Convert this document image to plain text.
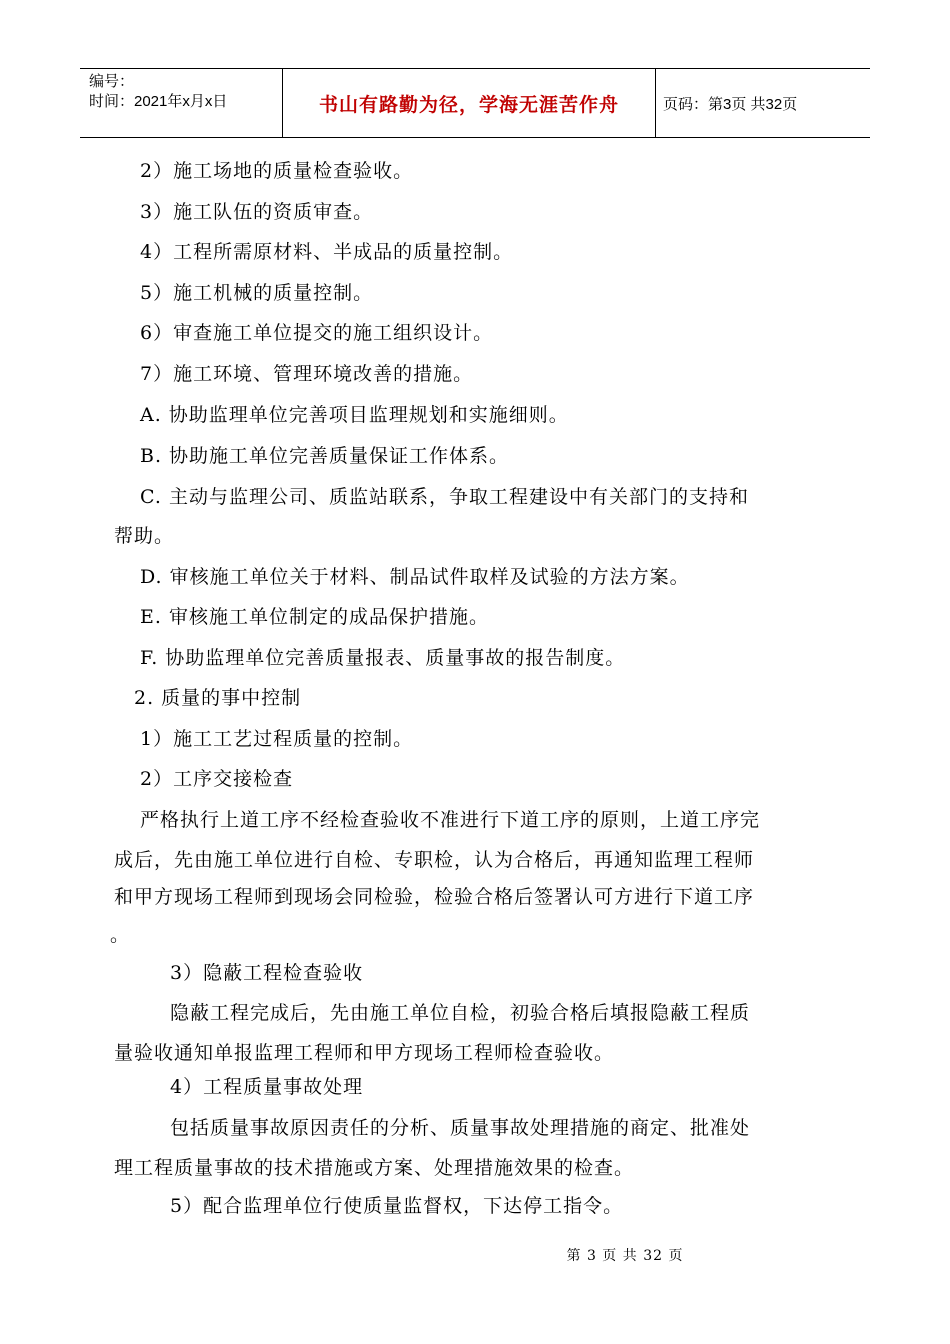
编号：
时间：2021年x月x日	书山有路勤为径，学海无涯苦作舟	页码：第3页 共32页
2）施工场地的质量检查验收。
3）施工队伍的资质审查。
4）工程所需原材料、半成品的质量控制。
5）施工机械的质量控制。
6）审查施工单位提交的施工组织设计。
7）施工环境、管理环境改善的措施。
A. 协助监理单位完善项目监理规划和实施细则。
B. 协助施工单位完善质量保证工作体系。
C. 主动与监理公司、质监站联系，争取工程建设中有关部门的支持和
帮助。
D. 审核施工单位关于材料、制品试件取样及试验的方法方案。
E. 审核施工单位制定的成品保护措施。
F. 协助监理单位完善质量报表、质量事故的报告制度。
2. 质量的事中控制
1）施工工艺过程质量的控制。
2）工序交接检查
严格执行上道工序不经检查验收不准进行下道工序的原则，上道工序完
成后，先由施工单位进行自检、专职检，认为合格后，再通知监理工程师
和甲方现场工程师到现场会同检验，检验合格后签署认可方进行下道工序
。
3）隐蔽工程检查验收
隐蔽工程完成后，先由施工单位自检，初验合格后填报隐蔽工程质
量验收通知单报监理工程师和甲方现场工程师检查验收。
4）工程质量事故处理
包括质量事故原因责任的分析、质量事故处理措施的商定、批准处
理工程质量事故的技术措施或方案、处理措施效果的检查。
5）配合监理单位行使质量监督权，下达停工指令。
第 3 页 共 32 页
